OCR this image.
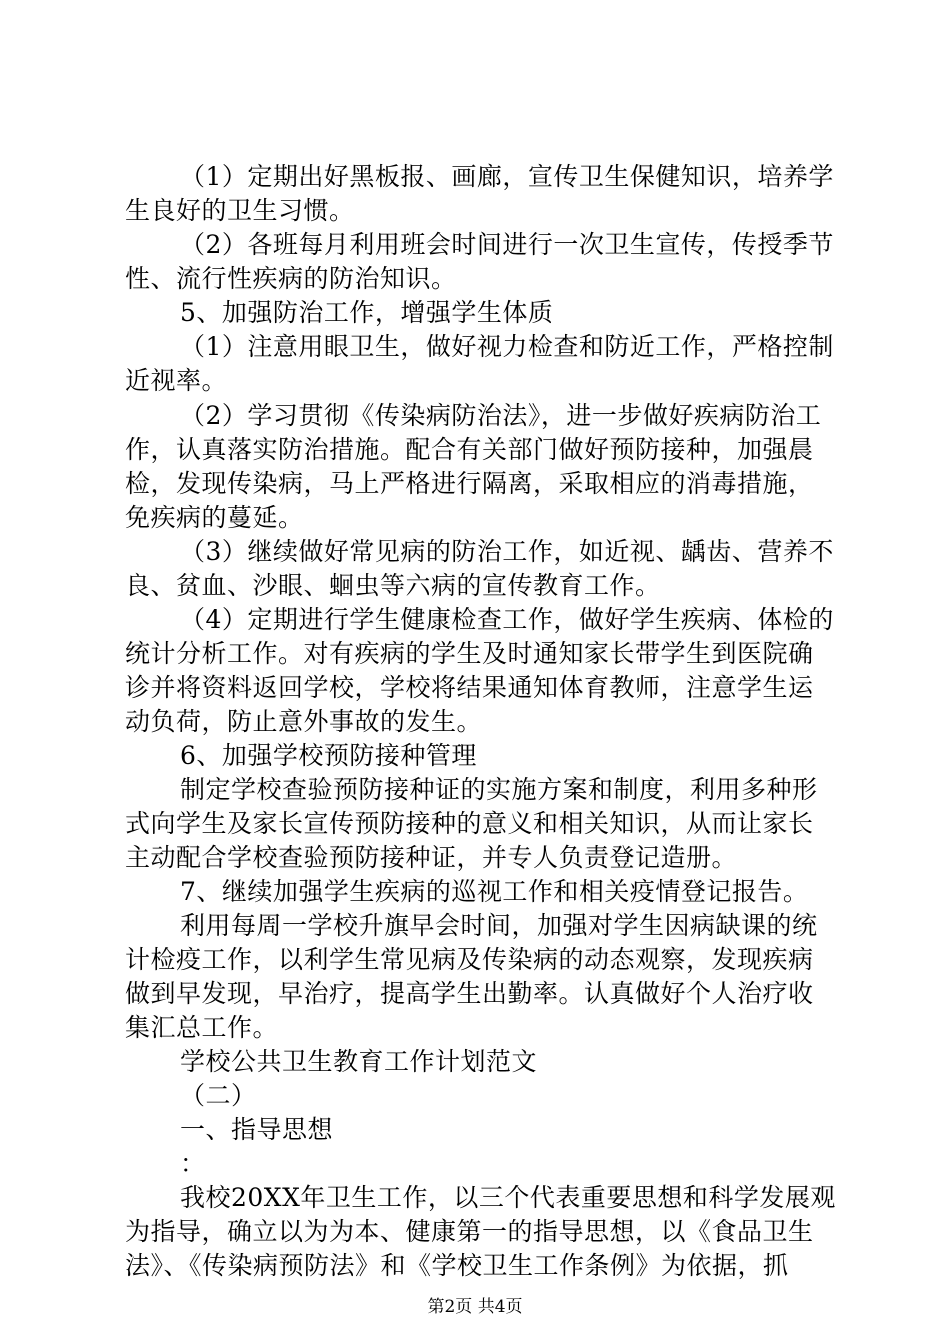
（1）定期出好黑板报、画廊，宣传卫生保健知识，培养学
生良好的卫生习惯。
（2）各班每月利用班会时间进行一次卫生宣传，传授季节
性、流行性疾病的防治知识。
5、加强防治工作，增强学生体质
（1）注意用眼卫生，做好视力检查和防近工作，严格控制
近视率。
（2）学习贯彻《传染病防治法》，进一步做好疾病防治工
作，认真落实防治措施。配合有关部门做好预防接种，加强晨
检，发现传染病，马上严格进行隔离，采取相应的消毒措施，
免疾病的蔓延。
（3）继续做好常见病的防治工作，如近视、龋齿、营养不
良、贫血、沙眼、蛔虫等六病的宣传教育工作。
（4）定期进行学生健康检查工作，做好学生疾病、体检的
统计分析工作。对有疾病的学生及时通知家长带学生到医院确
诊并将资料返回学校，学校将结果通知体育教师，注意学生运
动负荷，防止意外事故的发生。
6、加强学校预防接种管理
制定学校查验预防接种证的实施方案和制度，利用多种形
式向学生及家长宣传预防接种的意义和相关知识，从而让家长
主动配合学校查验预防接种证，并专人负责登记造册。
7、继续加强学生疾病的巡视工作和相关疫情登记报告。
利用每周一学校升旗早会时间，加强对学生因病缺课的统
计检疫工作，以利学生常见病及传染病的动态观察，发现疾病
做到早发现，早治疗，提高学生出勤率。认真做好个人治疗收
集汇总工作。
学校公共卫生教育工作计划范文
（二）
一、指导思想
：
我校20XX年卫生工作，以三个代表重要思想和科学发展观
为指导，确立以为为本、健康第一的指导思想，以《食品卫生
法》、《传染病预防法》和《学校卫生工作条例》为依据，抓
第2页 共4页
